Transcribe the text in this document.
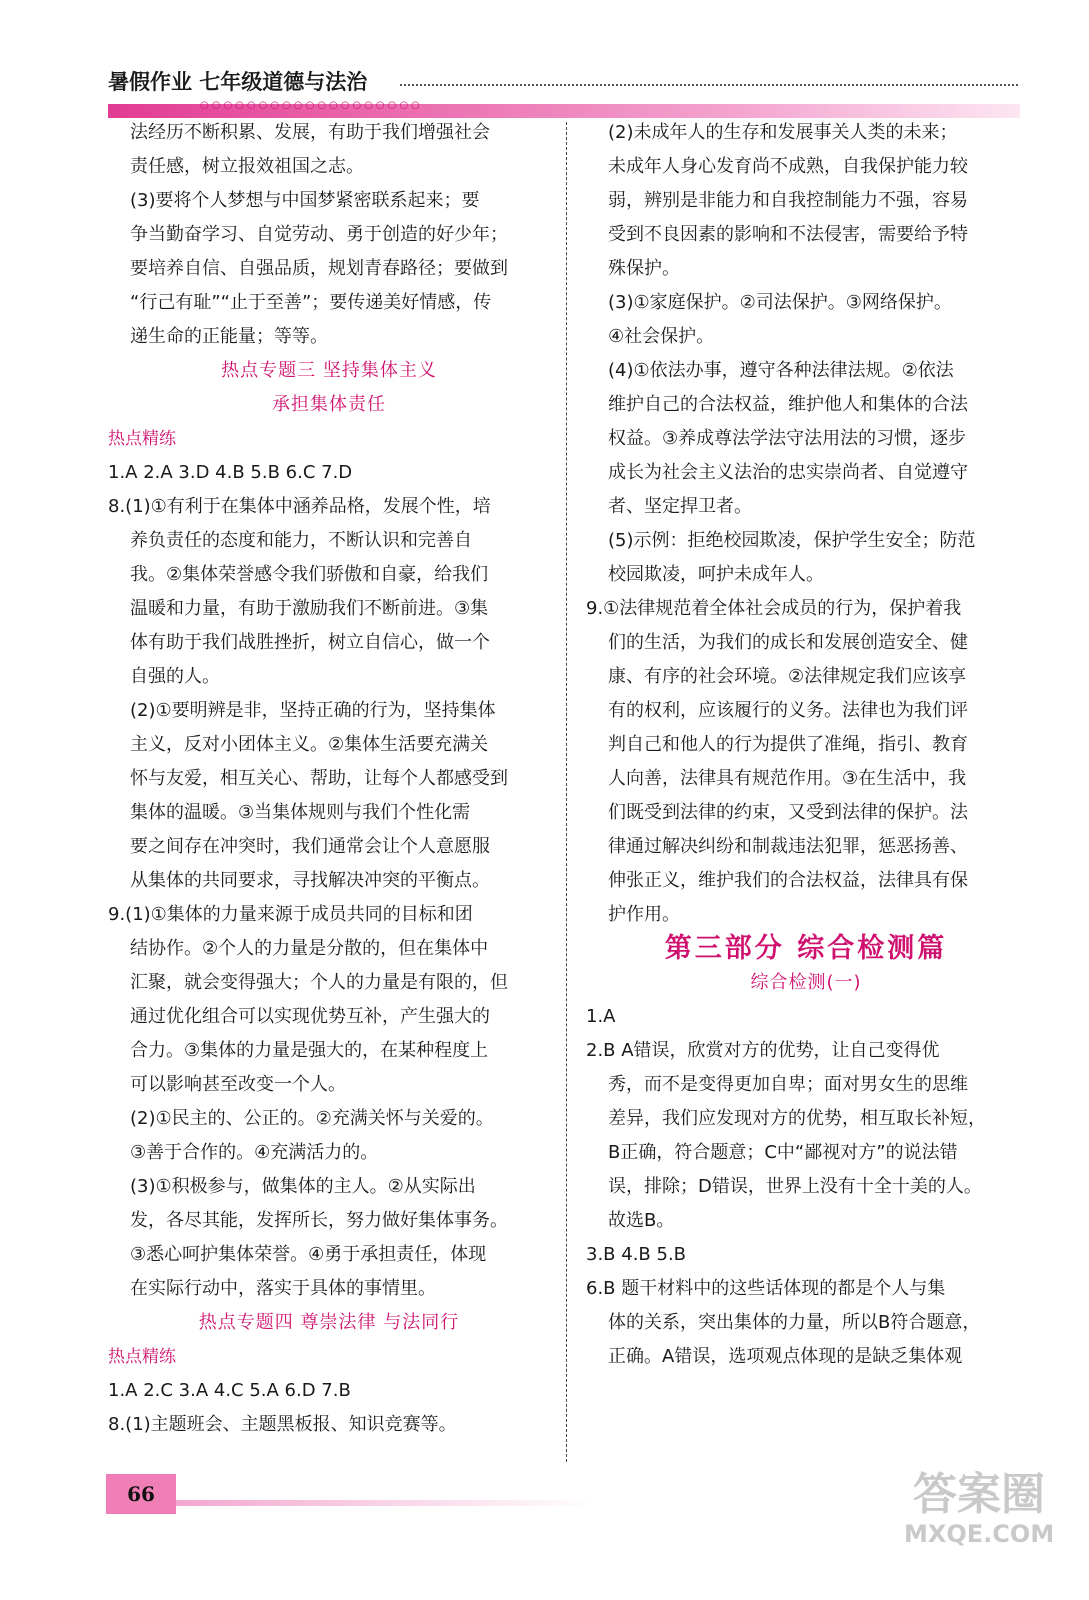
暑假作业 七年级道德与法治
○○○○○○○○○○○○○○○○○○○

法经历不断积累、发展，有助于我们增强社会

责任感，树立报效祖国之志。

(3)要将个人梦想与中国梦紧密联系起来；要

争当勤奋学习、自觉劳动、勇于创造的好少年；

要培养自信、自强品质，规划青春路径；要做到

“行己有耻”“止于至善”；要传递美好情感，传

递生命的正能量；等等。

热点专题三 坚持集体主义

承担集体责任

热点精练

1.A 2.A 3.D 4.B 5.B 6.C 7.D

8.(1)①有利于在集体中涵养品格，发展个性，培

养负责任的态度和能力，不断认识和完善自

我。②集体荣誉感令我们骄傲和自豪，给我们

温暖和力量，有助于激励我们不断前进。③集

体有助于我们战胜挫折，树立自信心，做一个

自强的人。

(2)①要明辨是非，坚持正确的行为，坚持集体

主义，反对小团体主义。②集体生活要充满关

怀与友爱，相互关心、帮助，让每个人都感受到

集体的温暖。③当集体规则与我们个性化需

要之间存在冲突时，我们通常会让个人意愿服

从集体的共同要求，寻找解决冲突的平衡点。

9.(1)①集体的力量来源于成员共同的目标和团

结协作。②个人的力量是分散的，但在集体中

汇聚，就会变得强大；个人的力量是有限的，但

通过优化组合可以实现优势互补，产生强大的

合力。③集体的力量是强大的，在某种程度上

可以影响甚至改变一个人。

(2)①民主的、公正的。②充满关怀与关爱的。

③善于合作的。④充满活力的。

(3)①积极参与，做集体的主人。②从实际出

发，各尽其能，发挥所长，努力做好集体事务。

③悉心呵护集体荣誉。④勇于承担责任，体现

在实际行动中，落实于具体的事情里。

热点专题四 尊崇法律 与法同行

热点精练

1.A 2.C 3.A 4.C 5.A 6.D 7.B

8.(1)主题班会、主题黑板报、知识竞赛等。

(2)未成年人的生存和发展事关人类的未来；

未成年人身心发育尚不成熟，自我保护能力较

弱，辨别是非能力和自我控制能力不强，容易

受到不良因素的影响和不法侵害，需要给予特

殊保护。

(3)①家庭保护。②司法保护。③网络保护。

④社会保护。

(4)①依法办事，遵守各种法律法规。②依法

维护自己的合法权益，维护他人和集体的合法

权益。③养成尊法学法守法用法的习惯，逐步

成长为社会主义法治的忠实崇尚者、自觉遵守

者、坚定捍卫者。

(5)示例：拒绝校园欺凌，保护学生安全；防范

校园欺凌，呵护未成年人。

9.①法律规范着全体社会成员的行为，保护着我

们的生活，为我们的成长和发展创造安全、健

康、有序的社会环境。②法律规定我们应该享

有的权利，应该履行的义务。法律也为我们评

判自己和他人的行为提供了准绳，指引、教育

人向善，法律具有规范作用。③在生活中，我

们既受到法律的约束，又受到法律的保护。法

律通过解决纠纷和制裁违法犯罪，惩恶扬善、

伸张正义，维护我们的合法权益，法律具有保

护作用。

第三部分 综合检测篇

综合检测(一)

1.A

2.B A错误，欣赏对方的优势，让自己变得优

秀，而不是变得更加自卑；面对男女生的思维

差异，我们应发现对方的优势，相互取长补短，

B正确，符合题意；C中“鄙视对方”的说法错

误，排除；D错误，世界上没有十全十美的人。

故选B。

3.B 4.B 5.B

6.B 题干材料中的这些话体现的都是个人与集

体的关系，突出集体的力量，所以B符合题意，

正确。A错误，选项观点体现的是缺乏集体观

66	答案圈
MXQE.COM
